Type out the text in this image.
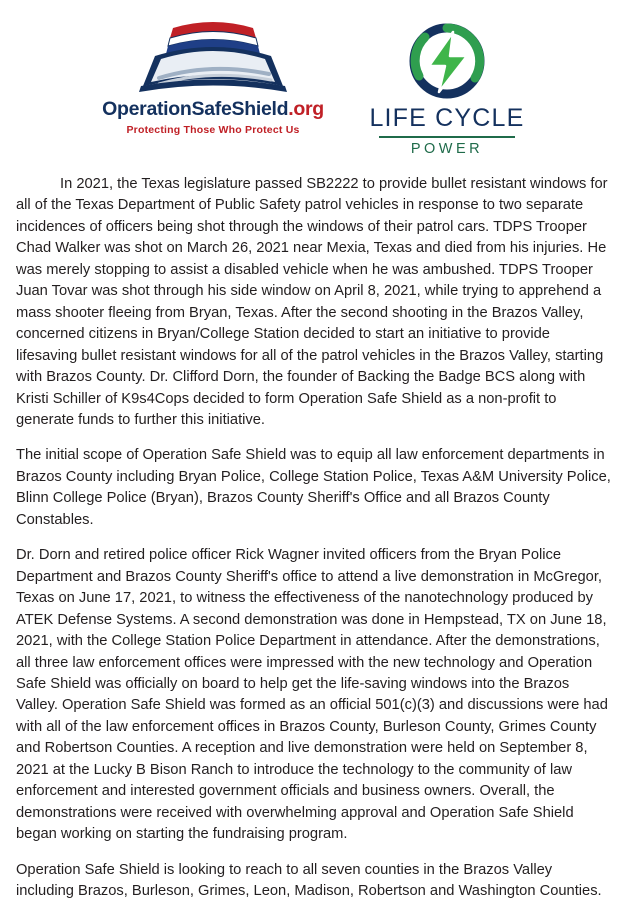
OperationSafeShield.org
Protecting Those Who Protect Us	LIFE CYCLE
POWER

In 2021, the Texas legislature passed SB2222 to provide bullet resistant windows for all of the Texas Department of Public Safety patrol vehicles in response to two separate incidences of officers being shot through the windows of their patrol cars. TDPS Trooper Chad Walker was shot on March 26, 2021 near Mexia, Texas and died from his injuries. He was merely stopping to assist a disabled vehicle when he was ambushed. TDPS Trooper Juan Tovar was shot through his side window on April 8, 2021, while trying to apprehend a mass shooter fleeing from Bryan, Texas. After the second shooting in the Brazos Valley, concerned citizens in Bryan/College Station decided to start an initiative to provide lifesaving bullet resistant windows for all of the patrol vehicles in the Brazos Valley, starting with Brazos County. Dr. Clifford Dorn, the founder of Backing the Badge BCS along with Kristi Schiller of K9s4Cops decided to form Operation Safe Shield as a non-profit to generate funds to further this initiative.

The initial scope of Operation Safe Shield was to equip all law enforcement departments in Brazos County including Bryan Police, College Station Police, Texas A&M University Police, Blinn College Police (Bryan), Brazos County Sheriff's Office and all Brazos County Constables.

Dr. Dorn and retired police officer Rick Wagner invited officers from the Bryan Police Department and Brazos County Sheriff's office to attend a live demonstration in McGregor, Texas on June 17, 2021, to witness the effectiveness of the nanotechnology produced by ATEK Defense Systems. A second demonstration was done in Hempstead, TX on June 18, 2021, with the College Station Police Department in attendance. After the demonstrations, all three law enforcement offices were impressed with the new technology and Operation Safe Shield was officially on board to help get the life-saving windows into the Brazos Valley. Operation Safe Shield was formed as an official 501(c)(3) and discussions were had with all of the law enforcement offices in Brazos County, Burleson County, Grimes County and Robertson Counties. A reception and live demonstration were held on September 8, 2021 at the Lucky B Bison Ranch to introduce the technology to the community of law enforcement and interested government officials and business owners. Overall, the demonstrations were received with overwhelming approval and Operation Safe Shield began working on starting the fundraising program.

Operation Safe Shield is looking to reach to all seven counties in the Brazos Valley including Brazos, Burleson, Grimes, Leon, Madison, Robertson and Washington Counties.
